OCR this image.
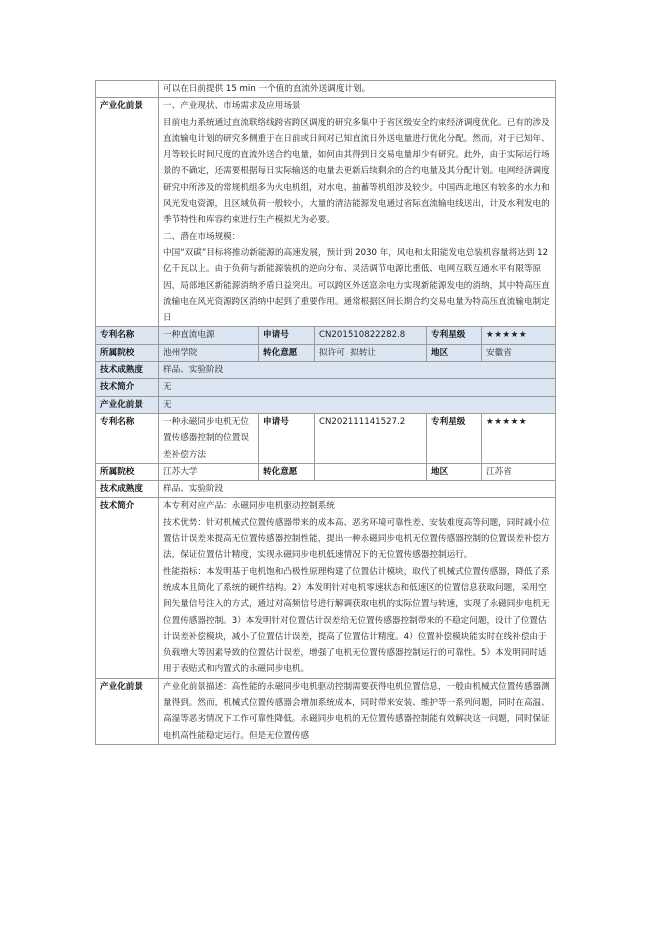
	可以在日前提供 15 min 一个值的直流外送调度计划。				
产业化前景	一、产业现状、市场需求及应用场景

目前电力系统通过直流联络线跨省跨区调度的研究多集中于省区级安全约束经济调度优化。已有的涉及直流输电计划的研究多侧重于在日前或日间对已知直流日外送电量进行优化分配。然而，对于已知年、月等较长时间尺度的直流外送合约电量，如何由其得到日交易电量却少有研究。此外，由于实际运行场景的不确定，还需要根据每日实际输送的电量去更新后续剩余的合约电量及其分配计划。电网经济调度研究中所涉及的常规机组多为火电机组，对水电、抽蓄等机组涉及较少。中国西北地区有较多的水力和风光发电资源，且区域负荷一般较小，大量的清洁能源发电通过省际直流输电线送出，计及水利发电的季节特性和库容约束进行生产模拟尤为必要。

二、潜在市场规模：

中国“双碳”目标将推动新能源的高速发展，预计到 2030 年，风电和太阳能发电总装机容量将达到 12 亿千瓦以上。由于负荷与新能源装机的逆向分布、灵活调节电源比重低、电网互联互通水平有限等原因，局部地区新能源消纳矛盾日益突出。可以跨区外送富余电力实现新能源发电的消纳，其中特高压直流输电在风光资源跨区消纳中起到了重要作用。通常根据区间长期合约交易电量为特高压直流输电制定日				

专利名称	一种直流电源	申请号	CN201510822282.8	专利星级	★★★★★
所属院校	池州学院	转化意愿	拟许可  拟转让	地区	安徽省
技术成熟度	样品、实验阶段				
技术简介	无				
产业化前景	无				
专利名称	一种永磁同步电机无位置传感器控制的位置误差补偿方法	申请号	CN202111141527.2	专利星级	★★★★★
所属院校	江苏大学	转化意愿		地区	江苏省
技术成熟度	样品、实验阶段				
技术简介	本专利对应产品：永磁同步电机驱动控制系统

技术优势：针对机械式位置传感器带来的成本高、恶劣环境可靠性差、安装难度高等问题，同时减小位置估计误差来提高无位置传感器控制性能，提出一种永磁同步电机无位置传感器控制的位置误差补偿方法，保证位置估计精度，实现永磁同步电机低速情况下的无位置传感器控制运行。

性能指标：本发明基于电机饱和凸极性原理构建了位置估计模块，取代了机械式位置传感器，降低了系统成本且简化了系统的硬件结构。2）本发明针对电机零速状态和低速区的位置信息获取问题，采用空间矢量信号注入的方式，通过对高频信号进行解调获取电机的实际位置与转速，实现了永磁同步电机无位置传感器控制。3）本发明针对位置估计误差给无位置传感器控制带来的不稳定问题，设计了位置估计误差补偿模块，减小了位置估计误差，提高了位置估计精度。4）位置补偿模块能实时在线补偿由于负载增大等因素导致的位置估计误差，增强了电机无位置传感器控制运行的可靠性。5）本发明同时适用于表贴式和内置式的永磁同步电机。				

产业化前景	产业化前景描述：高性能的永磁同步电机驱动控制需要获得电机位置信息，一般由机械式位置传感器测量得到。然而，机械式位置传感器会增加系统成本，同时带来安装、维护等一系列问题，同时在高温、高湿等恶劣情况下工作可靠性降低。永磁同步电机的无位置传感器控制能有效解决这一问题，同时保证电机高性能稳定运行。但是无位置传感				
